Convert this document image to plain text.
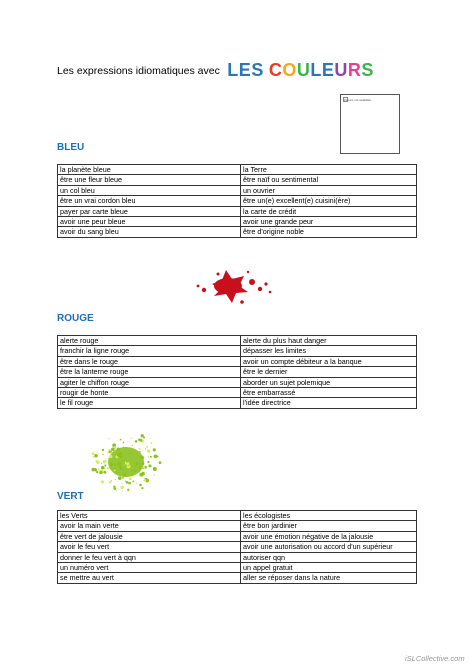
Les expressions idiomatiques avec LES COULEURS
Picture not available
BLEU
la planète bleue	la Terre
être une fleur bleue	être naïf ou sentimental
un col bleu	un ouvrier
être un vrai cordon bleu	être un(e) excellent(e) cuisini(ère)
payer par carte bleue	la carte de crédit
avoir une peur bleue	avoir une grande peur
avoir du sang bleu	être d'origine noble
ROUGE
alerte rouge	alerte du plus haut danger
franchir la ligne rouge	dépasser les limites
être dans le rouge	avoir un compte débiteur a la banque
être la lanterne rouge	être le dernier
agiter le chiffon rouge	aborder un sujet polemique
rougir de honte	être embarrassé
le fil rouge	l'idée directrice
VERT
les Verts	les écologistes
avoir la main verte	être bon jardinier
être vert de jalousie	avoir une émotion négative de la jalousie
avoir le feu vert	avoir une autorisation ou accord d'un supérieur
donner le feu vert à qqn	autoriser qqn
un numéro vert	un appel gratuit
se mettre au vert	aller se réposer dans la nature
iSLCollective.com
